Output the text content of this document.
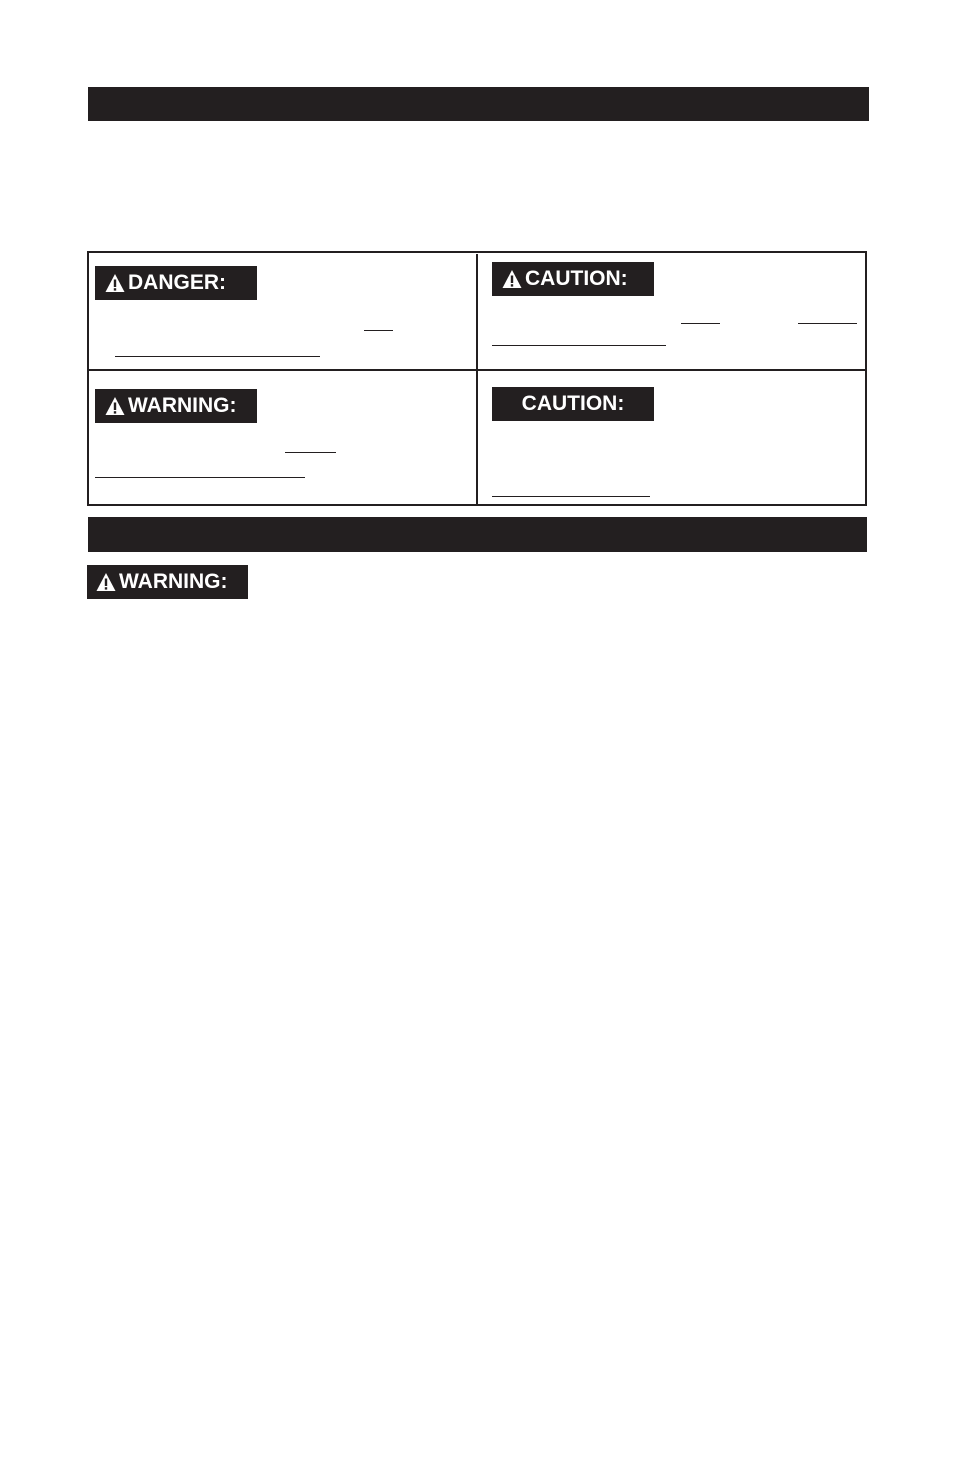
DANGER:	CAUTION:
WARNING:	CAUTION:
WARNING:
